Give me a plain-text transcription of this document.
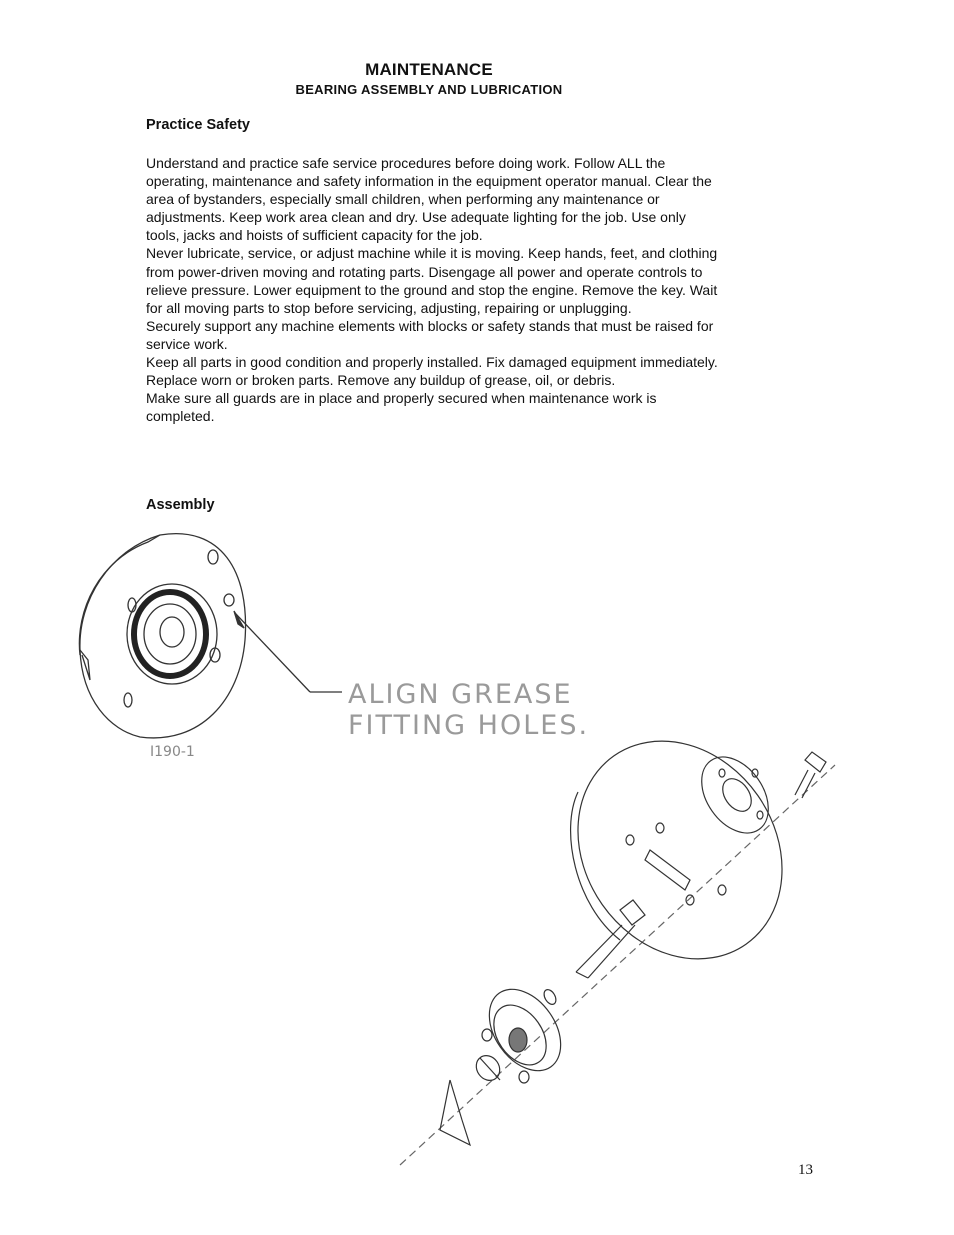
MAINTENANCE
BEARING ASSEMBLY AND LUBRICATION
Practice Safety

Understand and practice safe service procedures before doing work. Follow ALL the operating, maintenance and safety information in the equipment operator manual. Clear the area of bystanders, especially small children, when performing any maintenance or adjustments. Keep work area clean and dry. Use adequate lighting for the job. Use only tools, jacks and hoists of sufficient capacity for the job.

Never lubricate, service, or adjust machine while it is moving. Keep hands, feet, and clothing from power-driven moving and rotating parts. Disengage all power and operate controls to relieve pressure. Lower equipment to the ground and stop the engine. Remove the key. Wait for all moving parts to stop before servicing, adjusting, repairing or unplugging.

Securely support any machine elements with blocks or safety stands that must be raised for service work.

Keep all parts in good condition and properly installed. Fix damaged equipment immediately. Replace worn or broken parts. Remove any buildup of grease, oil, or debris.

Make sure all guards are in place and properly secured when maintenance work is completed.

Assembly
ALIGN GREASE
FITTING HOLES.
I190-1
13
